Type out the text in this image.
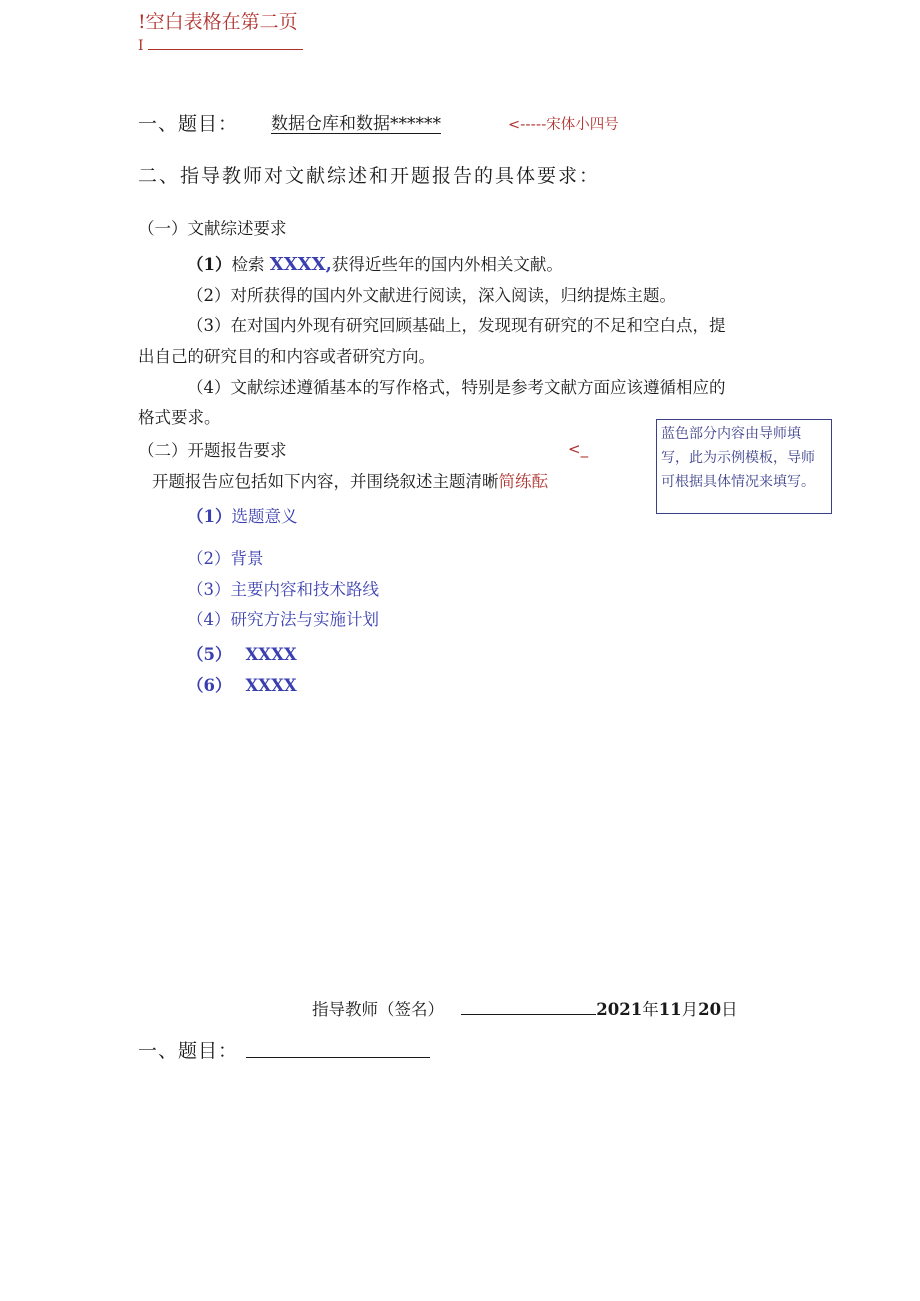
!空白表格在第二页
I
一、题目： 数据仓库和数据******	<-----宋体小四号
二、指导教师对文献综述和开题报告的具体要求：
（一）文献综述要求
（1）检索 XXXX,获得近些年的国内外相关文献。
（2）对所获得的国内外文献进行阅读，深入阅读，归纳提炼主题。
（3）在对国内外现有研究回顾基础上，发现现有研究的不足和空白点，提
出自己的研究目的和内容或者研究方向。
（4）文献综述遵循基本的写作格式，特别是参考文献方面应该遵循相应的
格式要求。
（二）开题报告要求	<_
开题报告应包括如下内容，并围绕叙述主题清晰简练酝
（1）选题意义
（2）背景
（3）主要内容和技术路线
（4）研究方法与实施计划
（5） XXXX
（6） XXXX
蓝色部分内容由导师填写，此为示例模板，导师可根据具体情况来填写。
指导教师（签名）	2021年11月20日
一、题目：
